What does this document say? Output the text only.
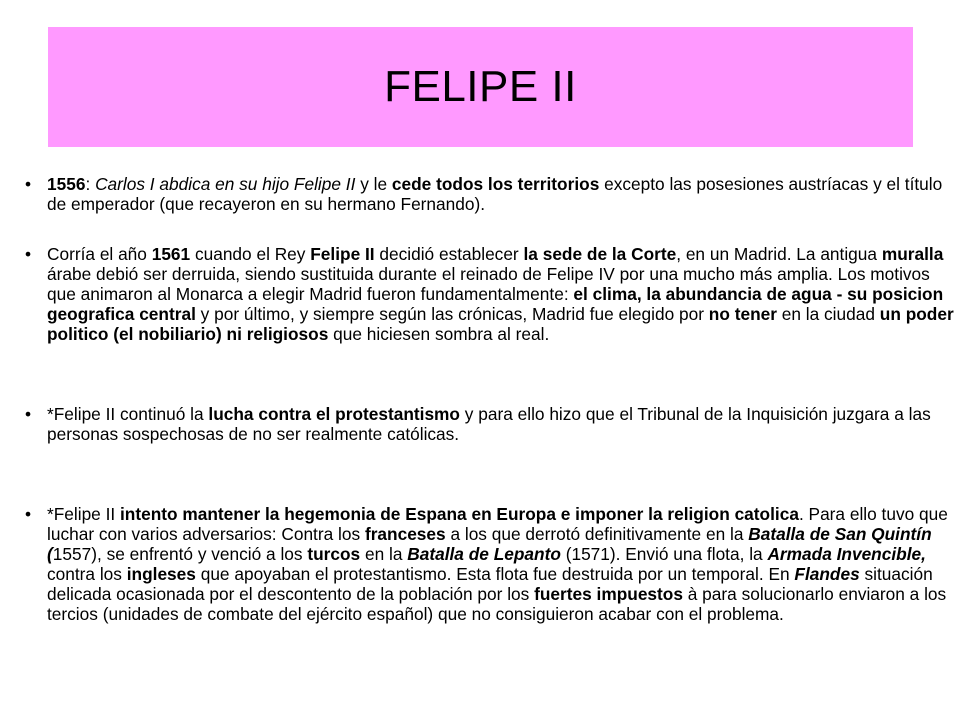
FELIPE II
• 1556: Carlos I abdica en su hijo Felipe II y le cede todos los territorios excepto las posesiones austríacas y el título de emperador (que recayeron en su hermano Fernando).
• Corría el año 1561 cuando el Rey Felipe II decidió establecer la sede de la Corte, en un Madrid. La antigua muralla árabe debió ser derruida, siendo sustituida durante el reinado de Felipe IV por una mucho más amplia. Los motivos que animaron al Monarca a elegir Madrid fueron fundamentalmente: el clima, la abundancia de agua - su posicion geografica central y por último, y siempre según las crónicas, Madrid fue elegido por no tener en la ciudad un poder politico (el nobiliario) ni religiosos que hiciesen sombra al real.
• *Felipe II continuó la lucha contra el protestantismo y para ello hizo que el Tribunal de la Inquisición juzgara a las personas sospechosas de no ser realmente católicas.
• *Felipe II intento mantener la hegemonia de Espana en Europa e imponer la religion catolica. Para ello tuvo que luchar con varios adversarios: Contra los franceses a los que derrotó definitivamente en la Batalla de San Quintín (1557), se enfrentó y venció a los turcos en la Batalla de Lepanto (1571). Envió una flota, la Armada Invencible, contra los ingleses que apoyaban el protestantismo. Esta flota fue destruida por un temporal. En Flandes situación delicada ocasionada por el descontento de la población por los fuertes impuestos à para solucionarlo enviaron a los tercios (unidades de combate del ejército español) que no consiguieron acabar con el problema.
